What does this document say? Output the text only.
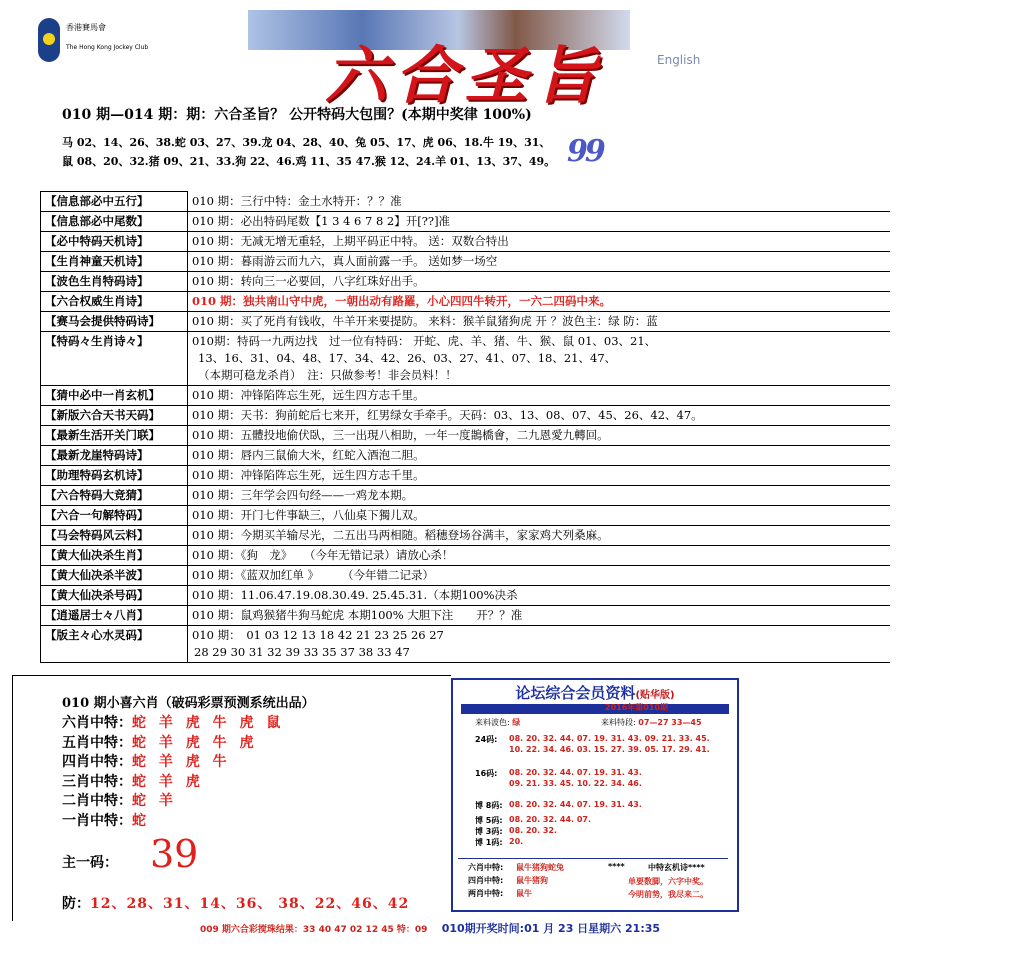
香港賽馬會
The Hong Kong Jockey Club	六合圣旨	English
010 期—014 期：期：六合圣旨？ 公开特码大包围？(本期中奖律 100%)
马 02、14、26、38.蛇 03、27、39.龙 04、28、40、兔 05、17、虎 06、18.牛 19、31、
鼠 08、20、32.猪 09、21、33.狗 22、46.鸡 11、35 47.猴 12、24.羊 01、13、37、49。 99
【信息部必中五行】	010 期：三行中特：金土水特开：？？准

【信息部必中尾数】	010 期：必出特码尾数【1 3 4 6 7 8 2】开[??]准

【必中特码天机诗】	010 期：无减无增无重轻，上期平码正中特。 送：双数合特出

【生肖神童天机诗】	010 期：暮雨游云而九六，真人面前露一手。 送如梦一场空

【波色生肖特码诗】	010 期：转向三一必要回，八字红珠好出手。

【六合权威生肖诗】	010 期：独共南山守中虎，一朝出动有路羅，小心四四牛转开，一六二四码中来。

【赛马会提供特码诗】	010 期：买了死肖有钱收，牛羊开来要提防。 来料：猴羊鼠猪狗虎 开 ？波色主：绿 防：蓝

【特码々生肖诗々】	010期：特码一九两边找　过一位有特码： 开蛇、虎、羊、猪、牛、猴、鼠 01、03、21、
13、16、31、04、48、17、34、42、26、03、27、41、07、18、21、47、
（本期可稳龙杀肖）　注：只做参考！非会员料！！

【猜中必中一肖玄机】	010 期：冲锋陷阵忘生死，远生四方志千里。

【新版六合天书天码】	010 期：天书：狗前蛇后七来开，红男绿女手牵手。天码：03、13、08、07、45、26、42、47。

【最新生活开关门联】	010 期：五體投地偷伏臥，三一出現八相助，一年一度鵲橋會，二九恩愛九轉回。

【最新龙崖特码诗】	010 期：唇内三鼠偷大米，红蛇入酒泡二胆。

【助理特码玄机诗】	010 期：冲锋陷阵忘生死，远生四方志千里。

【六合特码大竞猜】	010 期：三年学会四句经——一鸡龙本期。

【六合一句解特码】	010 期：开门七件事缺三，八仙桌下獨儿双。

【马会特码风云料】	010 期：今期买羊输尽光，二五出马两相随。稻穗登场谷满丰，家家鸡犬列桑麻。

【黄大仙决杀生肖】	010 期：《狗　龙》　　（今年无错记录）请放心杀！

【黄大仙决杀半波】	010 期：《蓝双加红单 》　　　（今年错二记录）

【黄大仙决杀号码】	010 期：11.06.47.19.08.30.49. 25.45.31.（本期100%决杀

【逍遥居士々八肖】	010 期：鼠鸡猴猪牛狗马蛇虎 本期100% 大胆下注　　开？？准

【版主々心水灵码】	010 期：　01 03 12 13 18 42 21 23 25 26 27
28 29 30 31 32 39 33 35 37 38 33 47
010 期小喜六肖（破码彩票预测系统出品）
六肖中特：蛇 羊 虎 牛 虎 鼠
五肖中特：蛇 羊 虎 牛 虎
四肖中特：蛇 羊 虎 牛
三肖中特：蛇 羊 虎
二肖中特：蛇 羊
一肖中特：蛇
主一码： 39
防：12、28、31、14、36、 38、22、46、42
论坛综合会员资料(贴华版)
2016年第010期
来料波色: 绿	来料特段: 07—27 33—45
24码: 08. 20. 32. 44. 07. 19. 31. 43. 09. 21. 33. 45.
10. 22. 34. 46. 03. 15. 27. 39. 05. 17. 29. 41.
16码: 08. 20. 32. 44. 07. 19. 31. 43.
09. 21. 33. 45. 10. 22. 34. 46.
博 8码: 08. 20. 32. 44. 07. 19. 31. 43.
博 5码: 08. 20. 32. 44. 07.
博 3码: 08. 20. 32.
博 1码: 20.
六肖中特: 鼠牛猪狗蛇兔
四肖中特: 鼠牛猪狗
两肖中特: 鼠牛
****	中特玄机诗****
单要数脚，六字中奖。
今明前势，我尽来二。
009 期六合彩搅珠结果：33 40 47 02 12 45 特：09 010期开奖时间:01 月 23 日星期六 21:35
